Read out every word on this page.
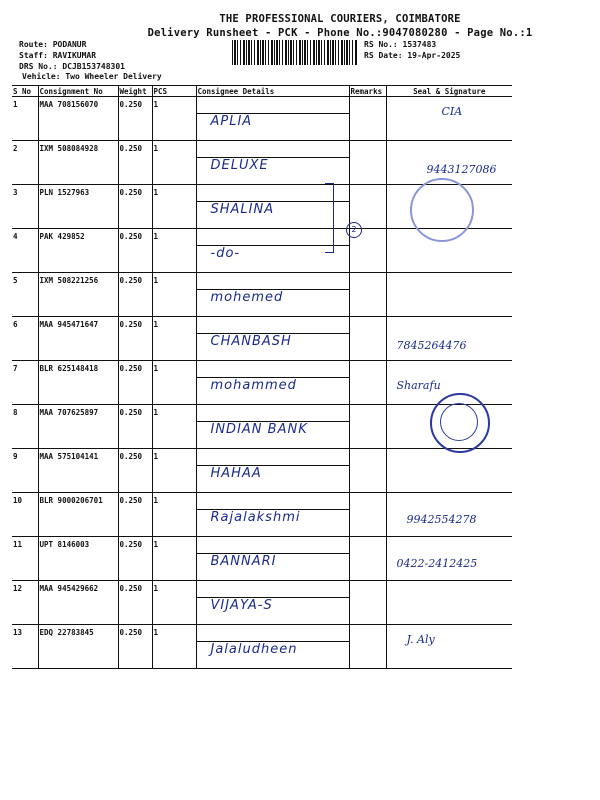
THE PROFESSIONAL COURIERS, COIMBATORE
Delivery Runsheet - PCK - Phone No.:9047080280 - Page No.:1
Route: PODANUR
Staff: RAVIKUMAR
DRS No.: DCJB153748301
Vehicle: Two Wheeler Delivery
RS No.: 1537483
RS Date: 19-Apr-2025
S No	Consignment No	Weight	PCS	Consignee Details	Remarks	Seal & Signature
1	MAA 708156070	0.250	1	APLIA		CIA

2	IXM 508084928	0.250	1	DELUXE		9443127086

3	PLN 1527963	0.250	1	SHALINA		

4	PAK 429852	0.250	1	-do-		

5	IXM 508221256	0.250	1	mohemed		

6	MAA 945471647	0.250	1	CHANBASH		7845264476

7	BLR 625148418	0.250	1	mohammed		Sharafu

8	MAA 707625897	0.250	1	INDIAN BANK		

9	MAA 575104141	0.250	1	HAHAA		

10	BLR 9000206701	0.250	1	Rajalakshmi		9942554278

11	UPT 8146003	0.250	1	BANNARI		0422-2412425

12	MAA 945429662	0.250	1	VIJAYA-S		

13	EDQ 22783845	0.250	1	Jalaludheen		J. Aly
2
